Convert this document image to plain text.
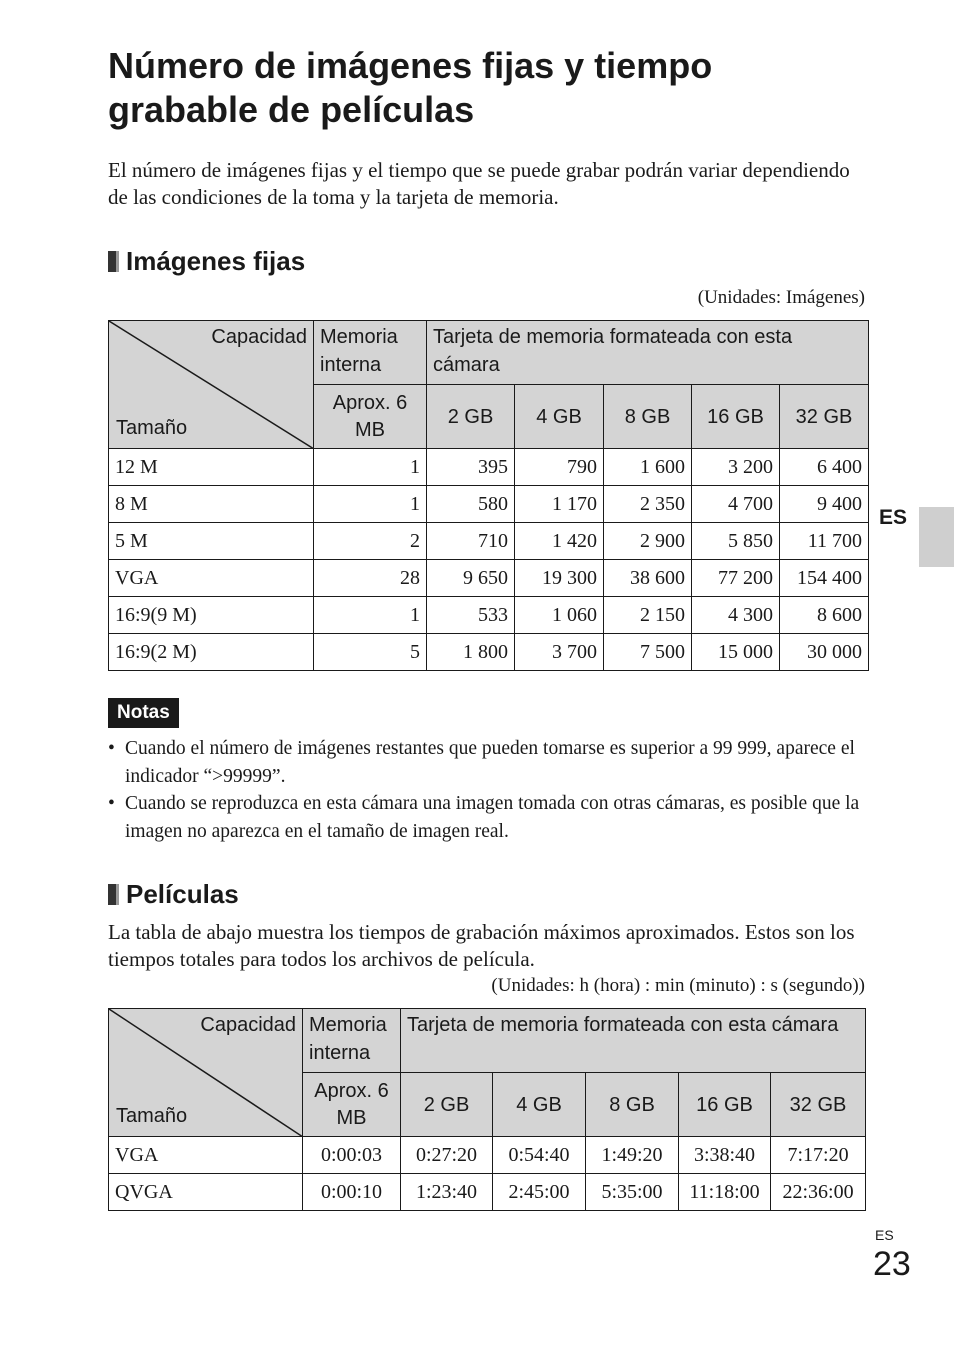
Número de imágenes fijas y tiempo grabable de películas

El número de imágenes fijas y el tiempo que se puede grabar podrán variar dependiendo de las condiciones de la toma y la tarjeta de memoria.

Imágenes fijas

(Unidades: Imágenes)

Capacidad
Tamaño	Memoria interna	Tarjeta de memoria formateada con esta cámara				
	Aprox. 6 MB	2 GB	4 GB	8 GB	16 GB	32 GB
12 M	1	395	790	1 600	3 200	6 400
8 M	1	580	1 170	2 350	4 700	9 400
5 M	2	710	1 420	2 900	5 850	11 700
VGA	28	9 650	19 300	38 600	77 200	154 400
16:9(9 M)	1	533	1 060	2 150	4 300	8 600
16:9(2 M)	5	1 800	3 700	7 500	15 000	30 000
Notas
• Cuando el número de imágenes restantes que pueden tomarse es superior a 99 999, aparece el indicador “>99999”.
• Cuando se reproduzca en esta cámara una imagen tomada con otras cámaras, es posible que la imagen no aparezca en el tamaño de imagen real.
Películas

La tabla de abajo muestra los tiempos de grabación máximos aproximados. Estos son los tiempos totales para todos los archivos de película.

(Unidades: h (hora) : min (minuto) : s (segundo))

Capacidad
Tamaño	Memoria interna	Tarjeta de memoria formateada con esta cámara				
	Aprox. 6 MB	2 GB	4 GB	8 GB	16 GB	32 GB
VGA	0:00:03	0:27:20	0:54:40	1:49:20	3:38:40	7:17:20
QVGA	0:00:10	1:23:40	2:45:00	5:35:00	11:18:00	22:36:00
ES
ES
23
